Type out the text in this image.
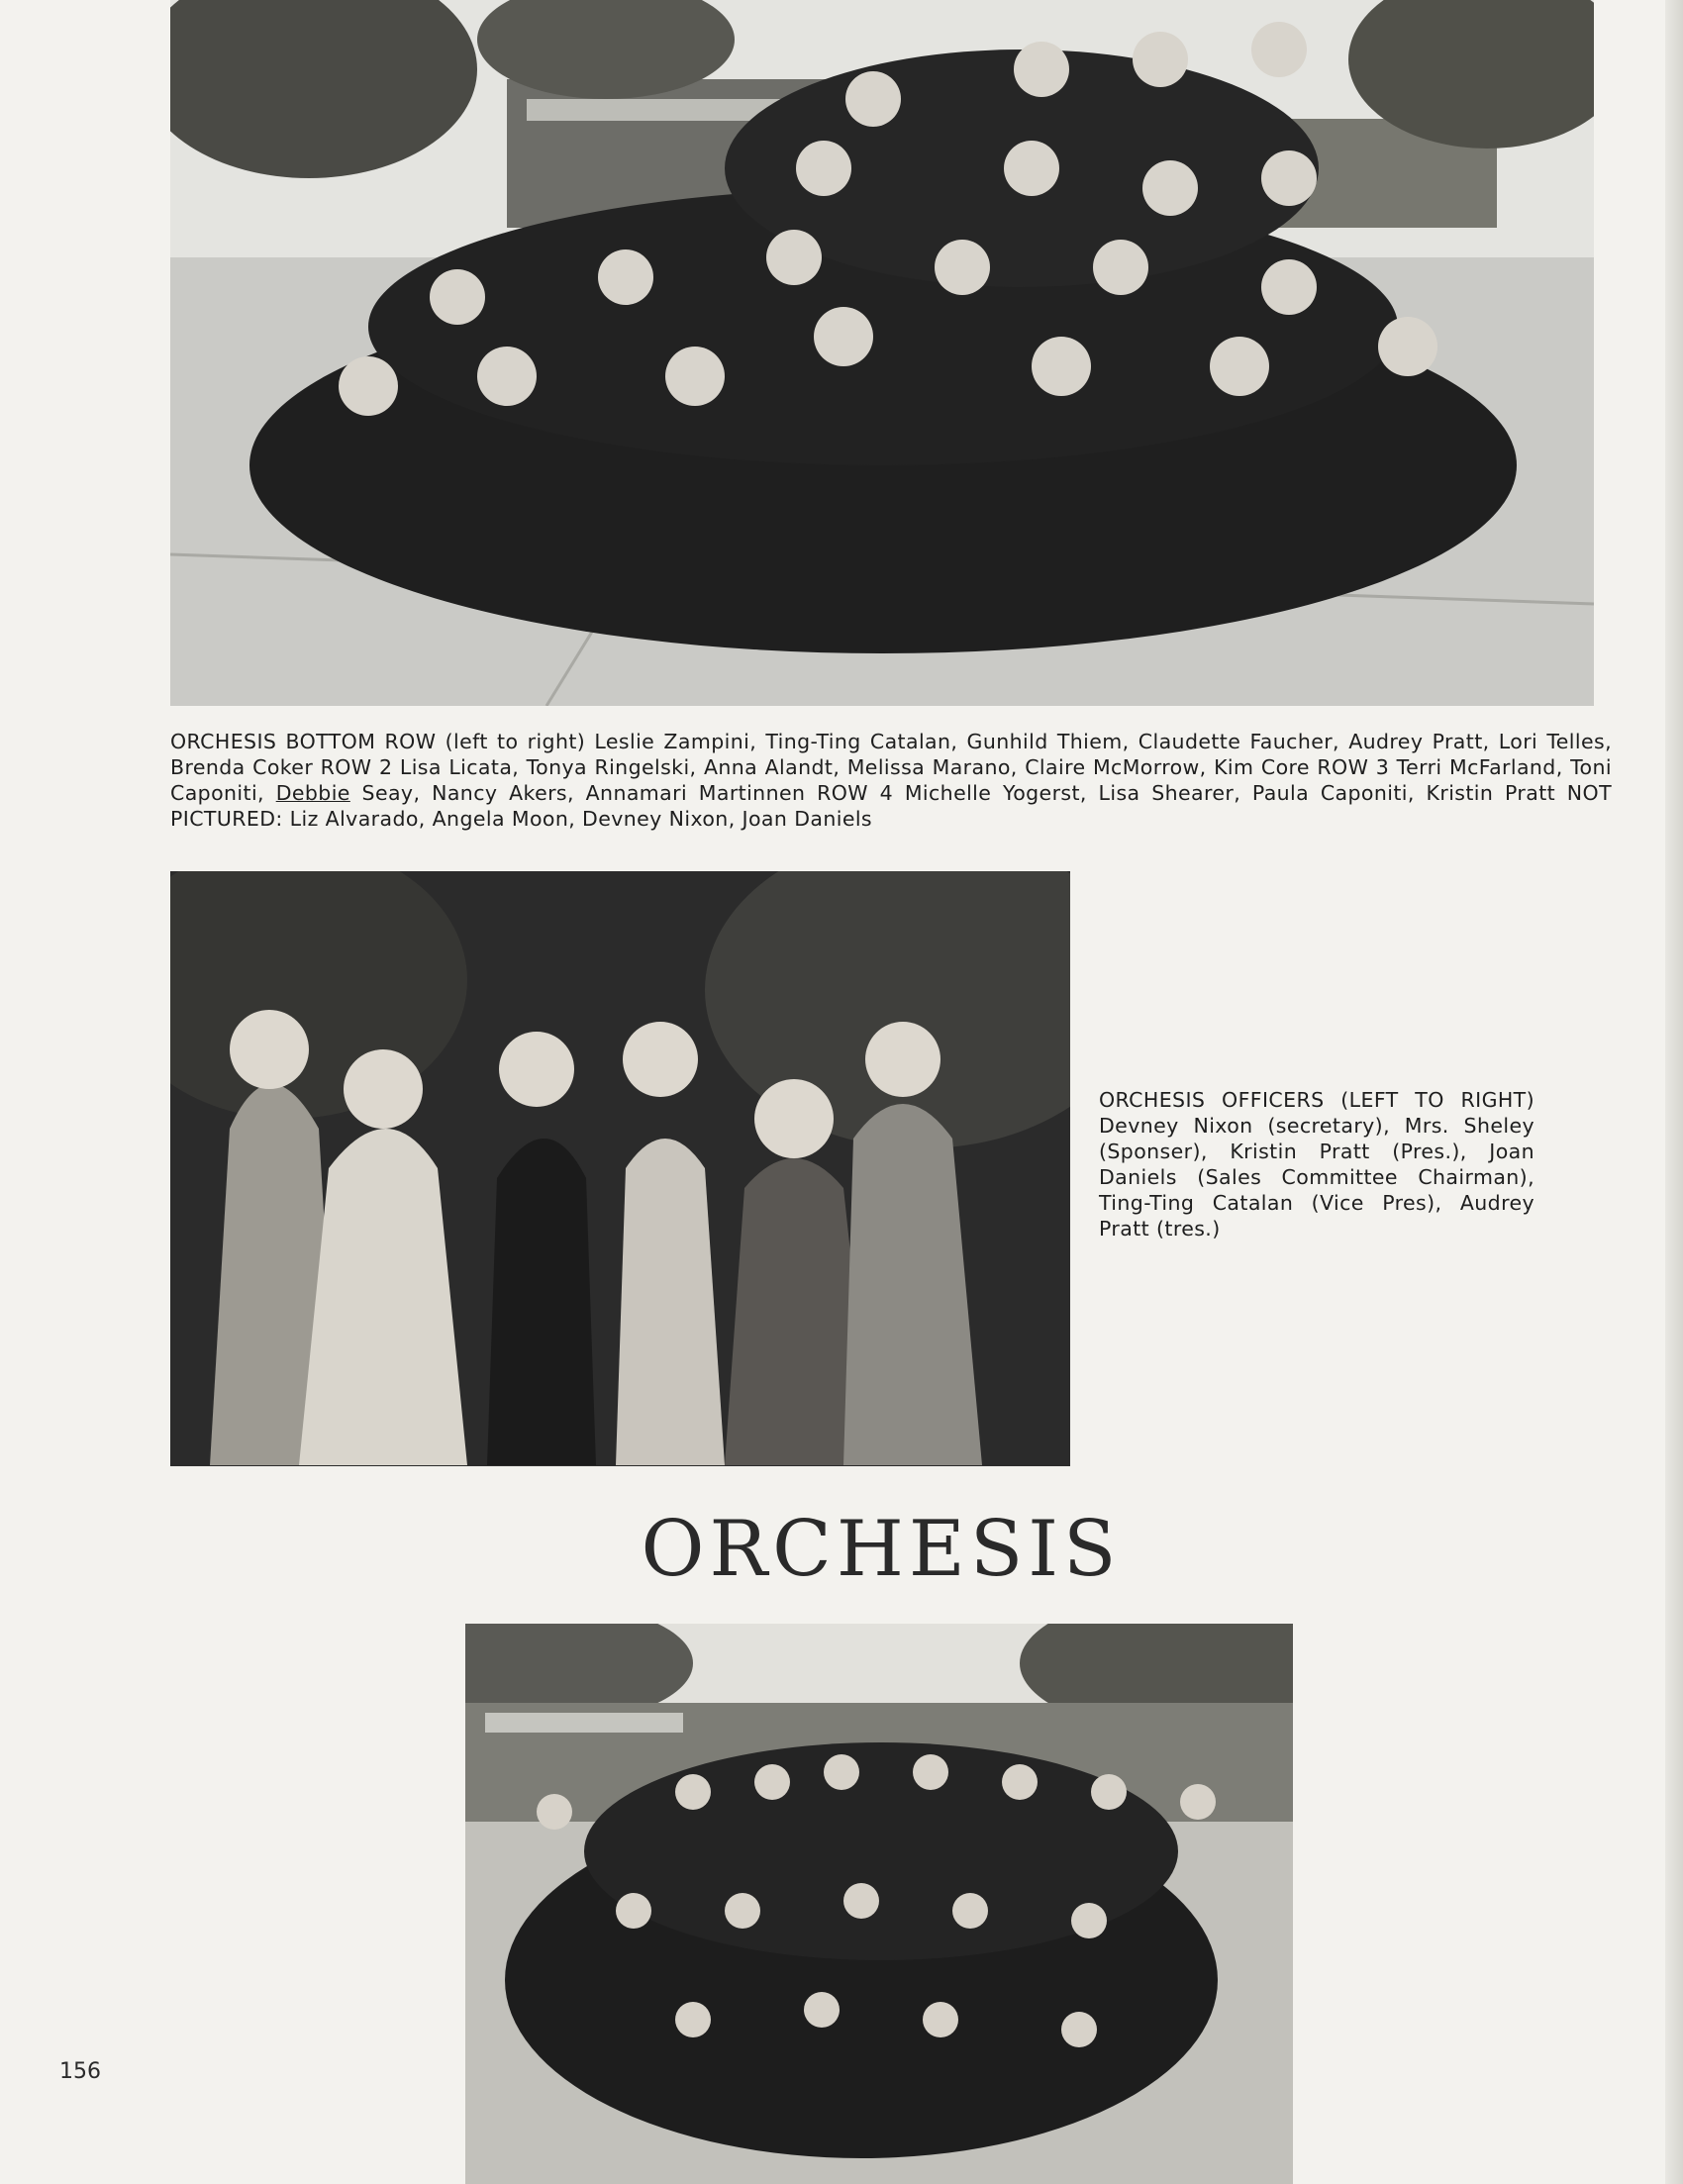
ORCHESIS BOTTOM ROW (left to right) Leslie Zampini, Ting-Ting Catalan, Gunhild Thiem, Claudette Faucher, Audrey Pratt, Lori Telles, Brenda Coker ROW 2 Lisa Licata, Tonya Ringelski, Anna Alandt, Melissa Marano, Claire McMorrow, Kim Core ROW 3 Terri McFarland, Toni Caponiti, Debbie Seay, Nancy Akers, Annamari Martinnen ROW 4 Michelle Yogerst, Lisa Shearer, Paula Caponiti, Kristin Pratt NOT PICTURED: Liz Alvarado, Angela Moon, Devney Nixon, Joan Daniels
ORCHESIS OFFICERS (LEFT TO RIGHT) Devney Nixon (secretary), Mrs. Sheley (Sponser), Kristin Pratt (Pres.), Joan Daniels (Sales Committee Chairman), Ting-Ting Catalan (Vice Pres), Audrey Pratt (tres.)
ORCHESIS
156
